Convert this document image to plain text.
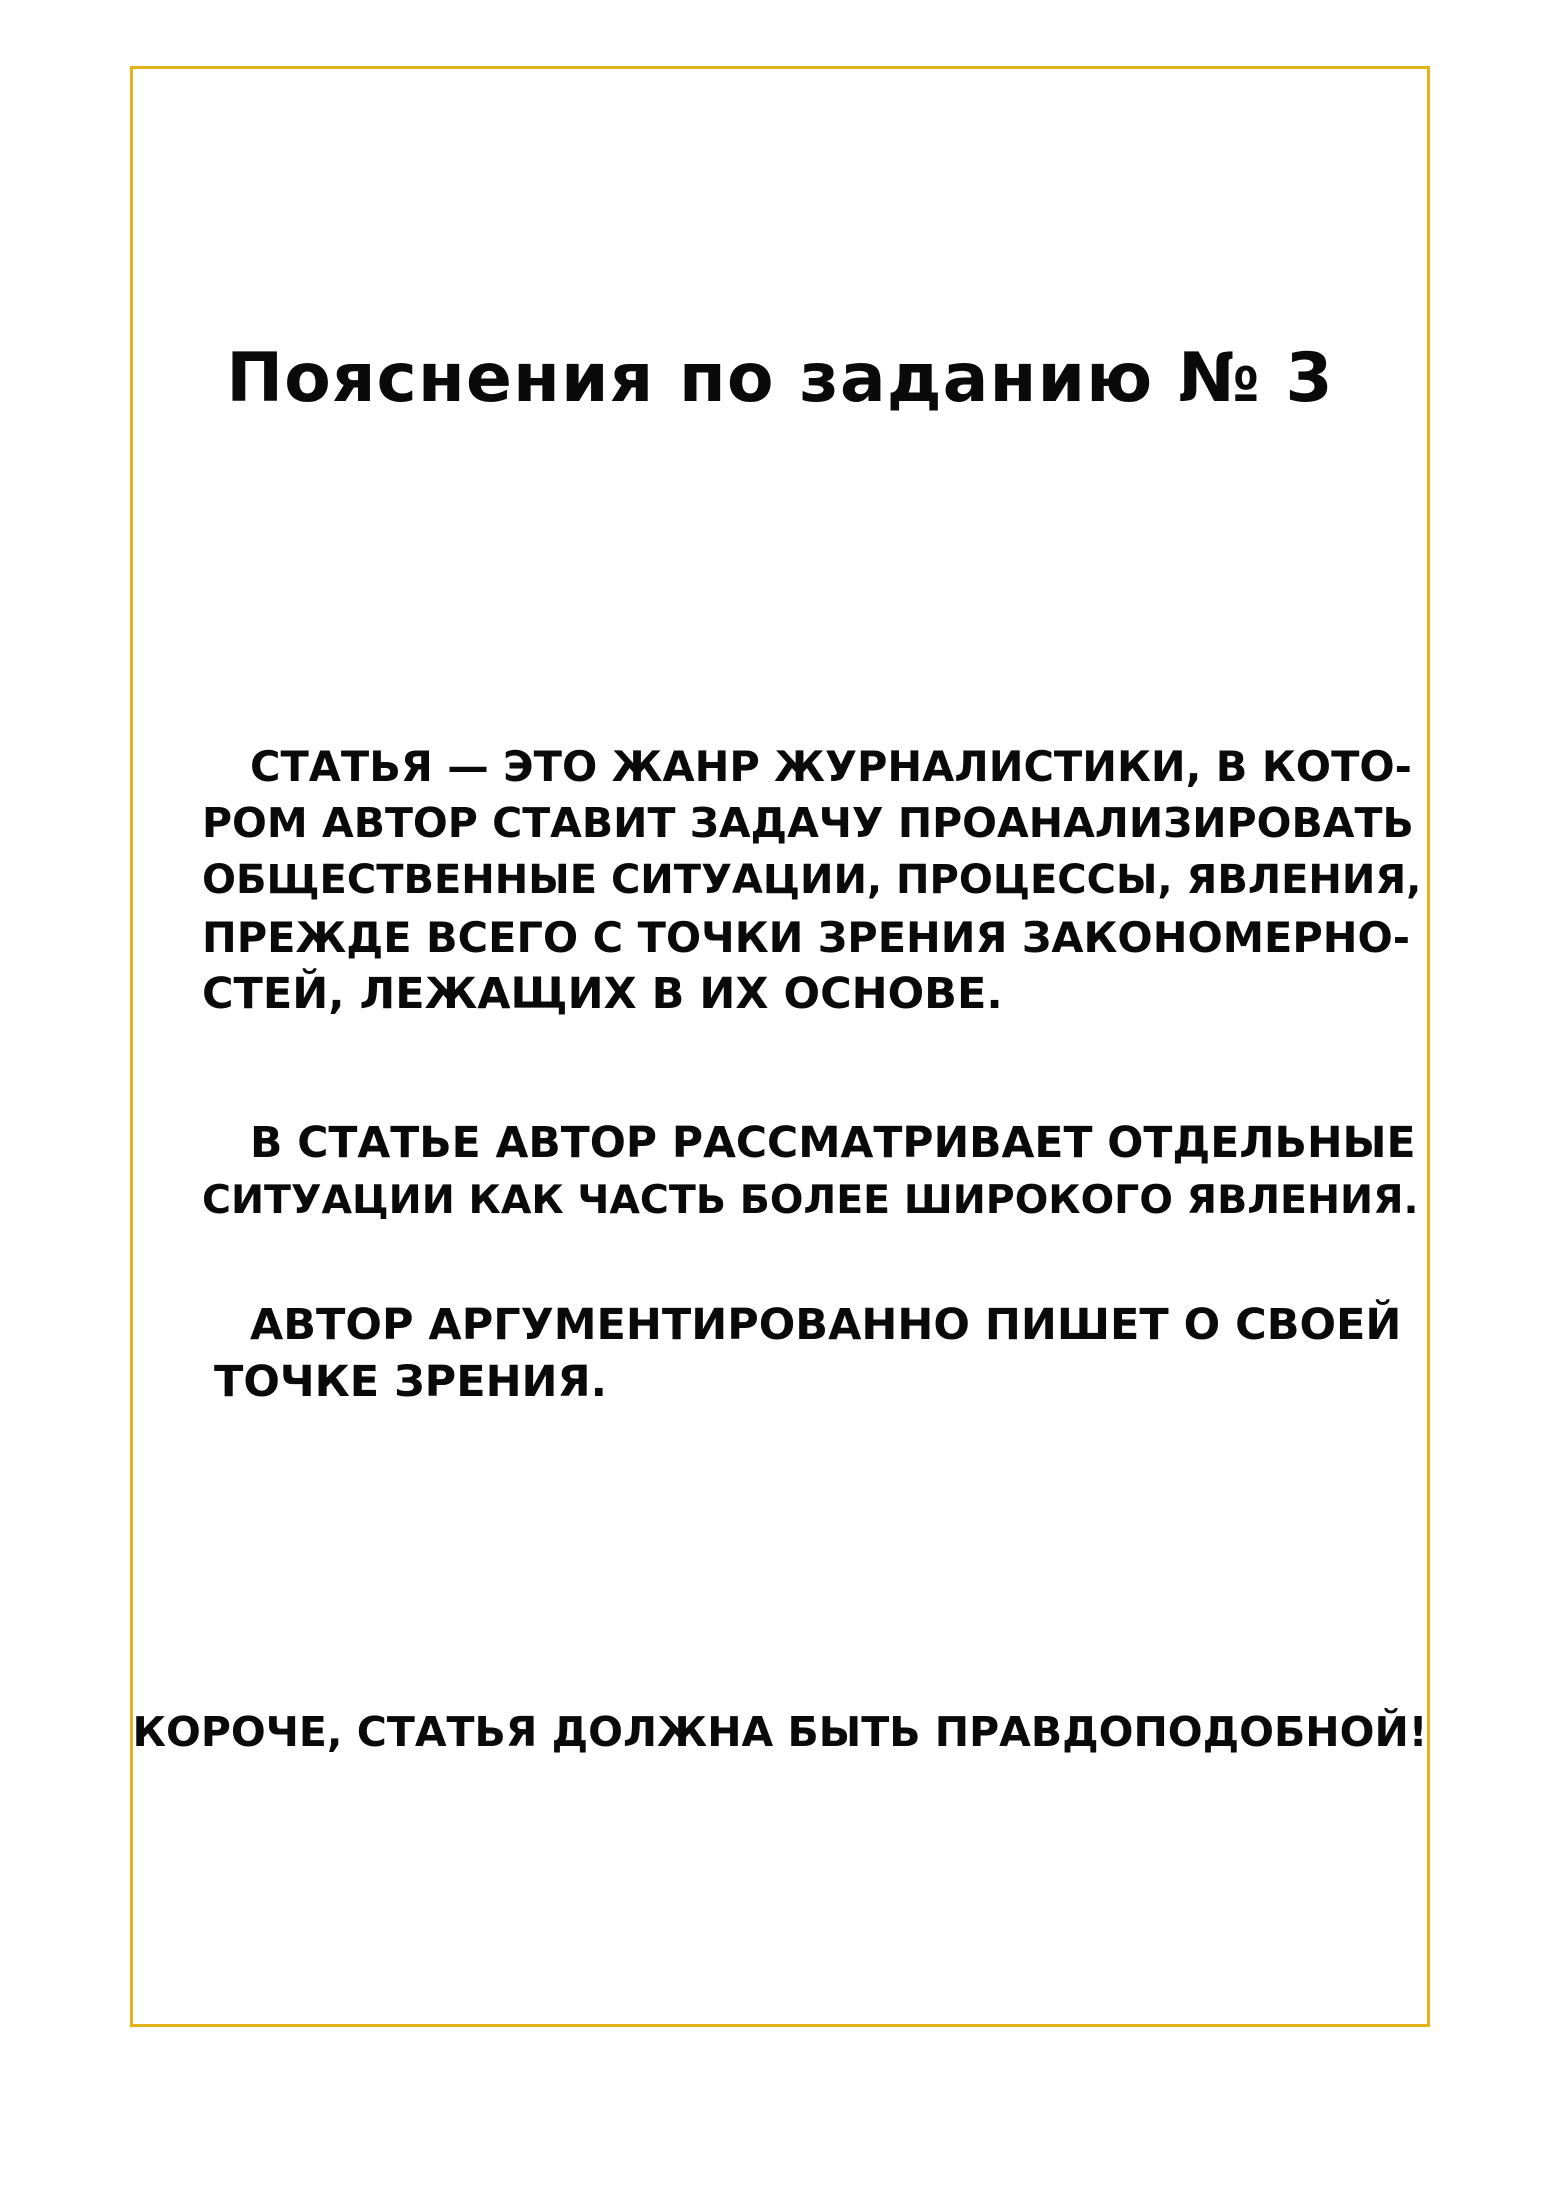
Пояснения по заданию № 3
СТАТЬЯ — ЭТО ЖАНР ЖУРНАЛИСТИКИ, В КОТО-
РОМ АВТОР СТАВИТ ЗАДАЧУ ПРОАНАЛИЗИРОВАТЬ
ОБЩЕСТВЕННЫЕ СИТУАЦИИ, ПРОЦЕССЫ, ЯВЛЕНИЯ,
ПРЕЖДЕ ВСЕГО С ТОЧКИ ЗРЕНИЯ ЗАКОНОМЕРНО-
СТЕЙ, ЛЕЖАЩИХ В ИХ ОСНОВЕ.
В СТАТЬЕ АВТОР РАССМАТРИВАЕТ ОТДЕЛЬНЫЕ
СИТУАЦИИ КАК ЧАСТЬ БОЛЕЕ ШИРОКОГО ЯВЛЕНИЯ.
АВТОР АРГУМЕНТИРОВАННО ПИШЕТ О СВОЕЙ
ТОЧКЕ ЗРЕНИЯ.

КОРОЧЕ, СТАТЬЯ ДОЛЖНА БЫТЬ ПРАВДОПОДОБНОЙ!
